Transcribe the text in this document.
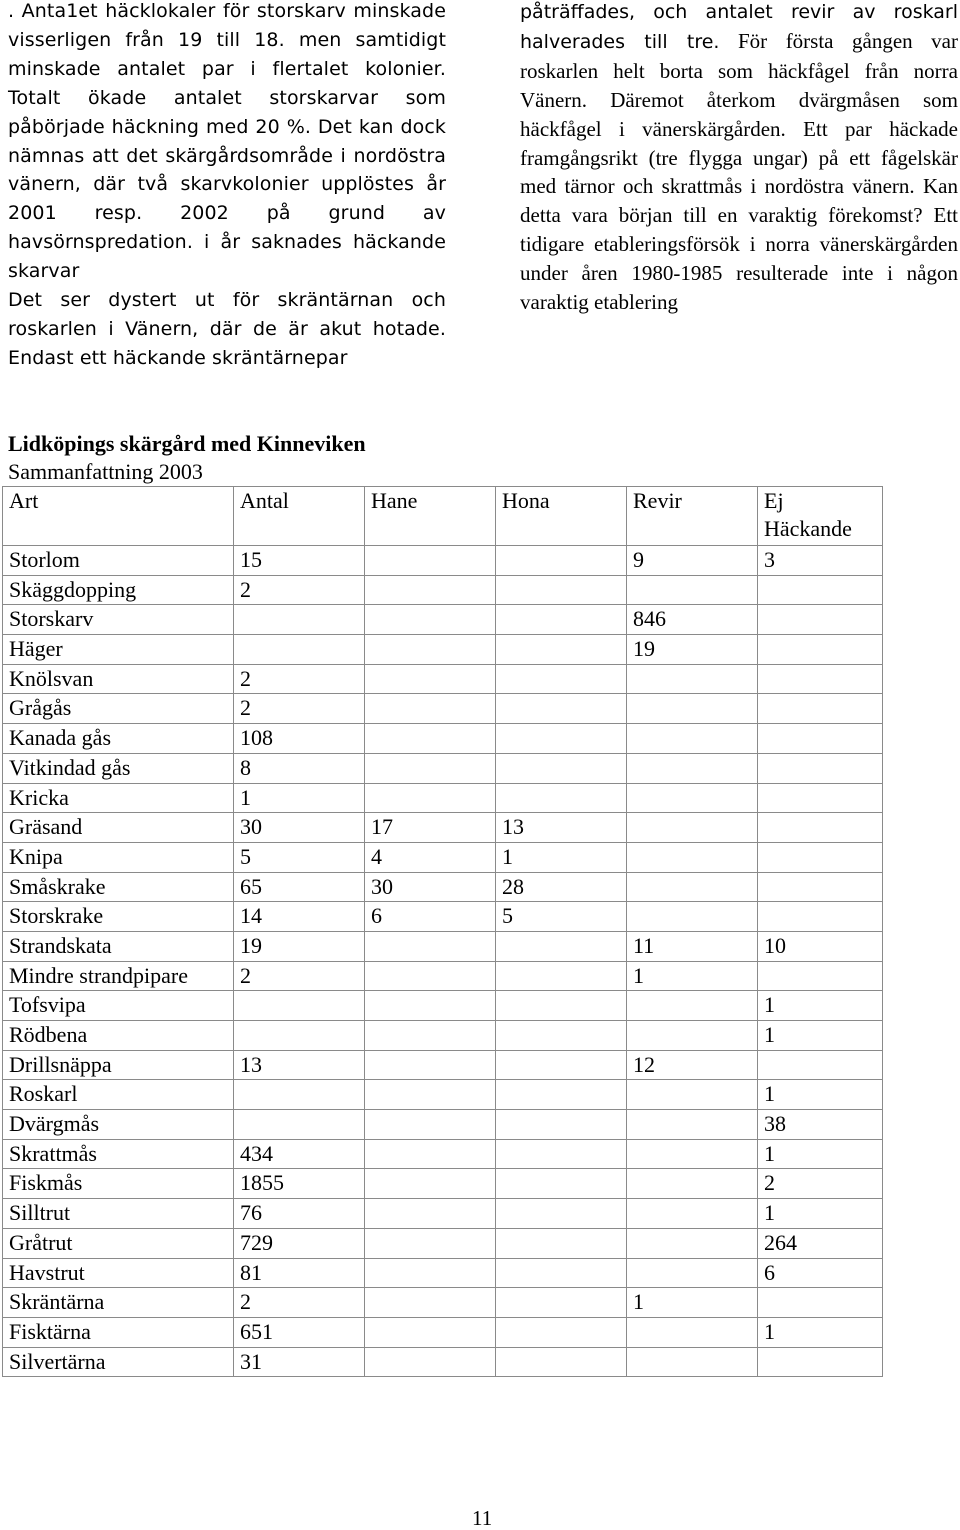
. Anta1et häcklokaler för storskarv minskade visserligen från 19 till 18. men samtidigt minskade antalet par i flertalet kolonier. Totalt ökade antalet storskarvar som påbörjade häckning med 20 %. Det kan dock nämnas att det skärgårdsområde i nordöstra vänern, där två skarvkolonier upplöstes år 2001 resp. 2002 på grund av havsörnspredation. i år saknades häckande skarvar

Det ser dystert ut för skräntärnan och roskarlen i Vänern, där de är akut hotade. Endast ett häckande skräntärnepar

påträffades, och antalet revir av roskarl halverades till tre. För första gången var roskarlen helt borta som häckfågel från norra Vänern. Däremot återkom dvärgmåsen som häckfågel i vänerskärgården. Ett par häckade framgångsrikt (tre flygga ungar) på ett fågelskär med tärnor och skrattmås i nordöstra vänern. Kan detta vara början till en varaktig förekomst? Ett tidigare etableringsförsök i norra vänerskärgården under åren 1980-1985 resulterade inte i någon varaktig etablering

Lidköpings skärgård med Kinneviken
Sammanfattning 2003
Art	Antal	Hane	Hona	Revir	Ej
Häckande

Storlom	15			9	3
Skäggdopping	2				
Storskarv				846	
Häger				19	
Knölsvan	2				
Grågås	2				
Kanada gås	108				
Vitkindad gås	8				
Kricka	1				
Gräsand	30	17	13		
Knipa	5	4	1		
Småskrake	65	30	28		
Storskrake	14	6	5		
Strandskata	19			11	10
Mindre strandpipare	2			1	
Tofsvipa					1
Rödbena					1
Drillsnäppa	13			12	
Roskarl					1
Dvärgmås					38
Skrattmås	434				1
Fiskmås	1855				2
Silltrut	76				1
Gråtrut	729				264
Havstrut	81				6
Skräntärna	2			1	
Fisktärna	651				1
Silvertärna	31				
11
